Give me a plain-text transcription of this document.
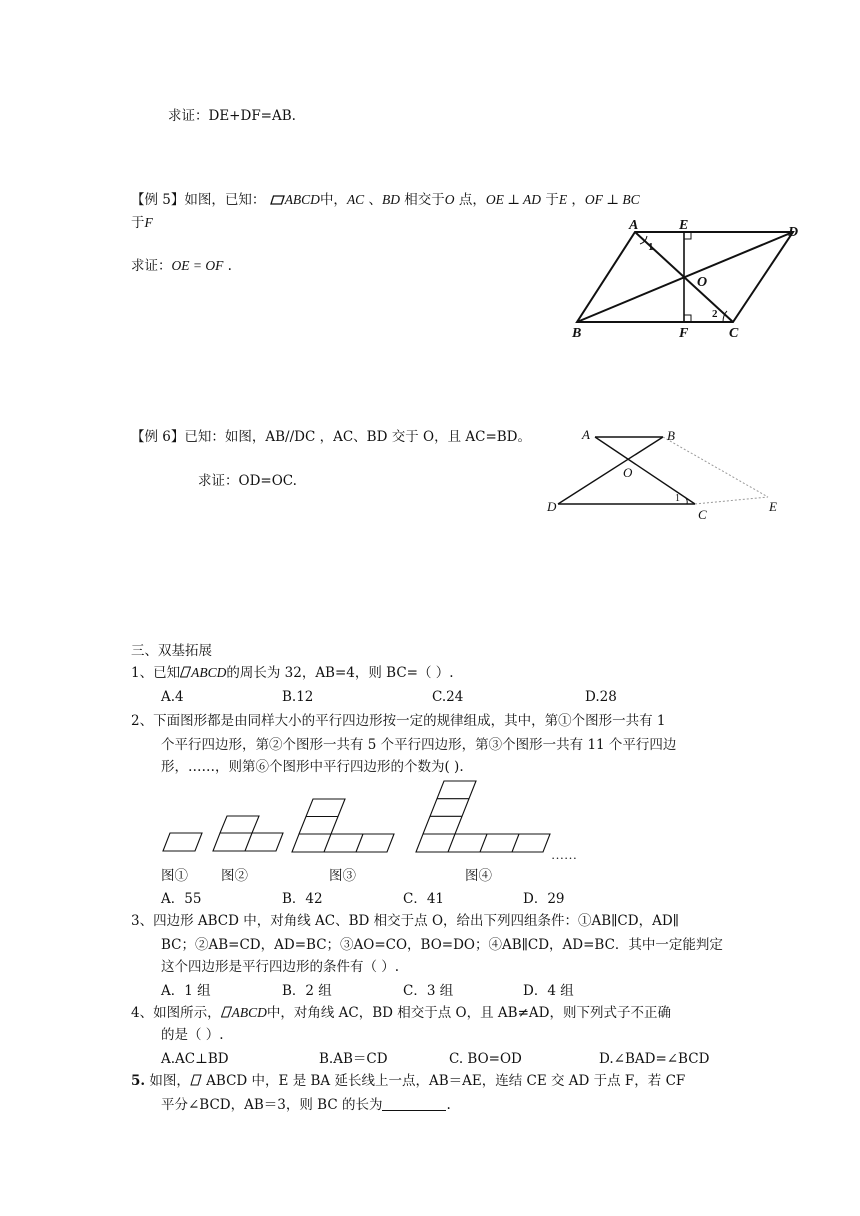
求证：DE+DF=AB.
【例 5】如图，已知： ABCD中，AC 、BD 相交于O 点，OE ⊥ AD 于E ，OF ⊥ BC
于F
求证：OE = OF .
A	E	D
O
B	F	C
1
2
【例 6】已知：如图，AB//DC ，AC、BD 交于 O，且 AC=BD。
求证：OD=OC.
A	B
O
D
C
E
1
三、双基拓展
1、已知 ABCD的周长为 32，AB=4，则 BC=（ ）.
A.4	B.12	C.24	D.28
2、下面图形都是由同样大小的平行四边形按一定的规律组成，其中，第①个图形一共有 1
个平行四边形，第②个图形一共有 5 个平行四边形，第③个图形一共有 11 个平行四边
形，……，则第⑥个图形中平行四边形的个数为( ).
……
图① 图②	图③	图④
A．55	B．42	C．41	D．29
3、四边形 ABCD 中，对角线 AC、BD 相交于点 O，给出下列四组条件：①AB∥CD，AD∥
BC；②AB=CD，AD=BC；③AO=CO，BO=DO；④AB∥CD，AD=BC．其中一定能判定
这个四边形是平行四边形的条件有（ ）.
A．1 组	B．2 组	C．3 组	D．4 组
4、如图所示， ABCD中，对角线 AC，BD 相交于点 O，且 AB≠AD，则下列式子不正确
的是（ ）.
A.AC⊥BD	B.AB＝CD	C. BO=OD	D.∠BAD=∠BCD
5. 如图， ABCD 中，E 是 BA 延长线上一点，AB＝AE，连结 CE 交 AD 于点 F，若 CF
平分∠BCD，AB＝3，则 BC 的长为	.
